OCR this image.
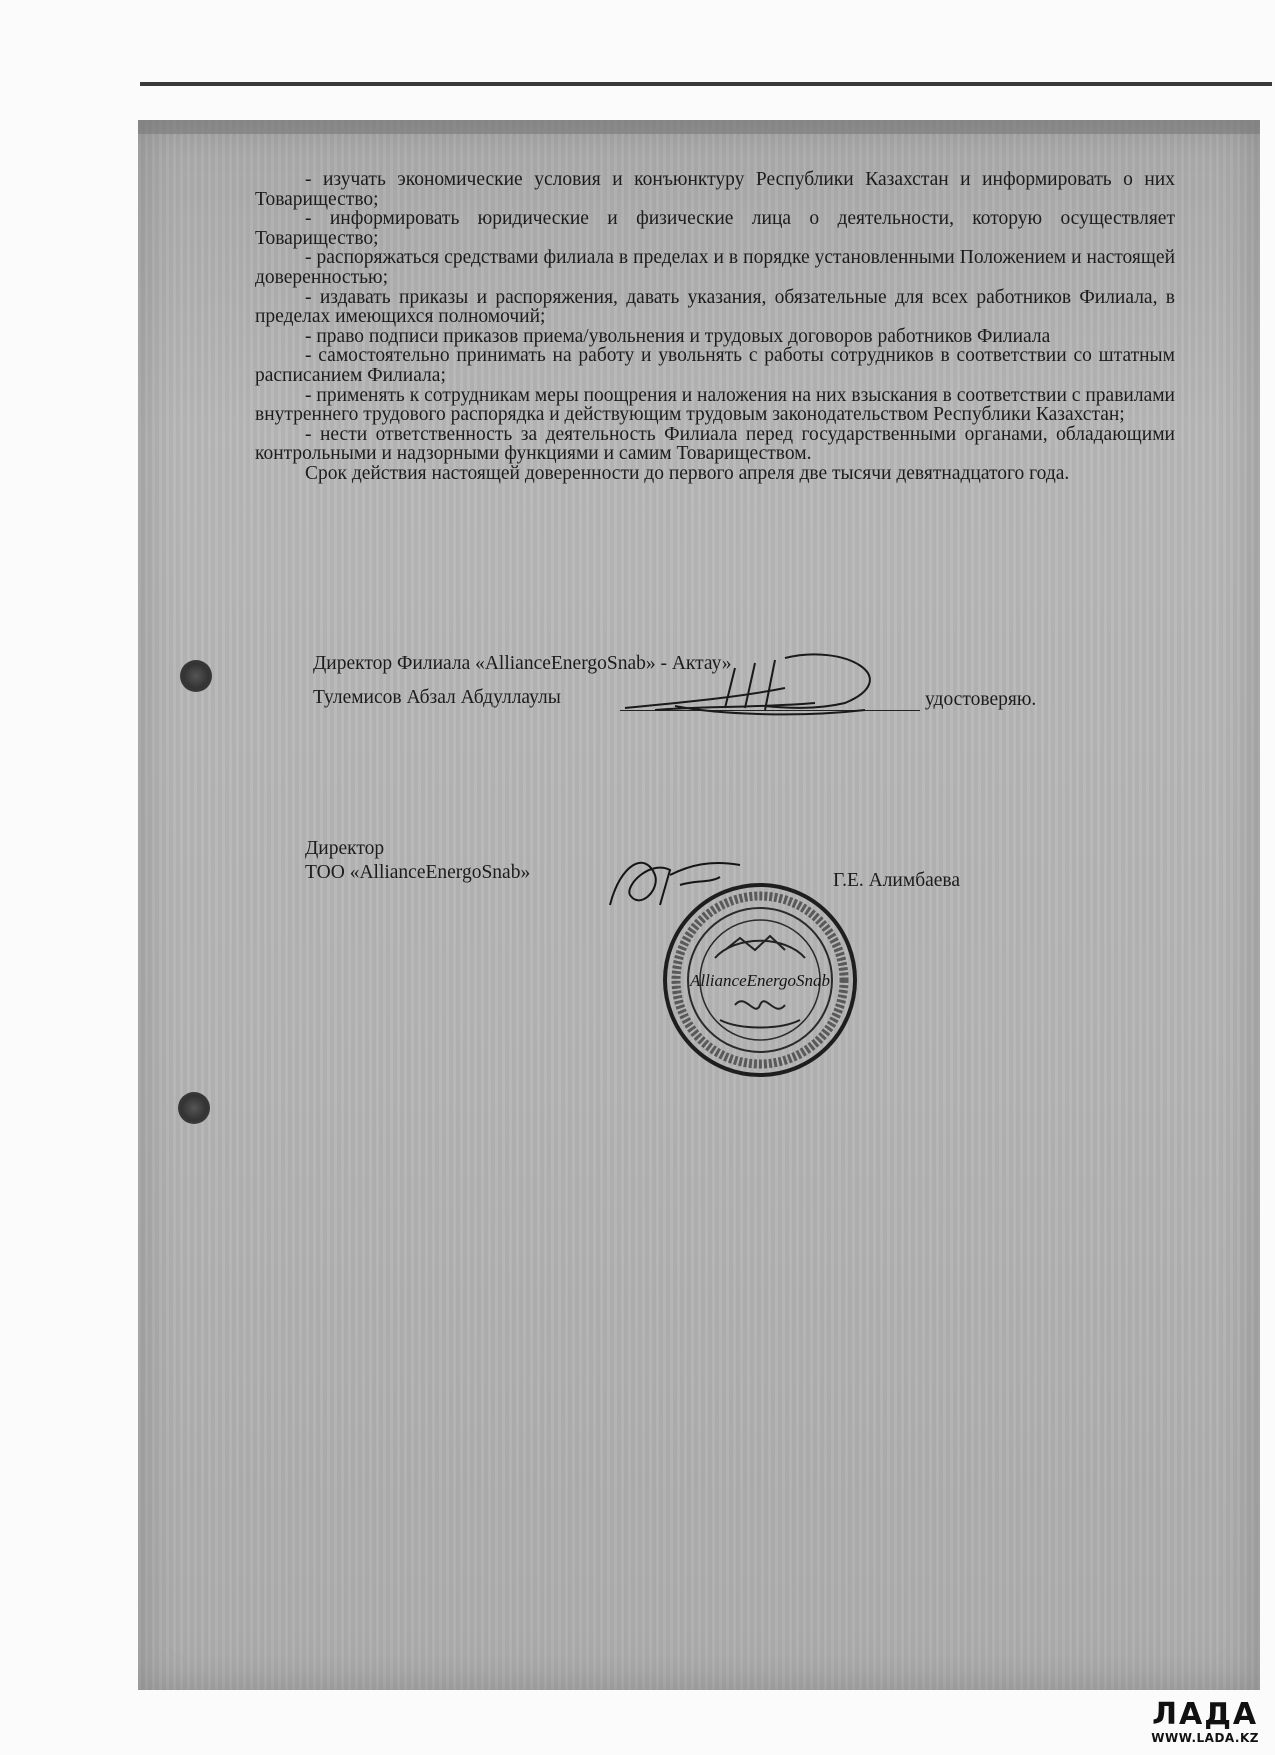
- изучать экономические условия и конъюнктуру Республики Казахстан и информировать о них Товарищество;

- информировать юридические и физические лица о деятельности, которую осуществляет Товарищество;

- распоряжаться средствами филиала в пределах и в порядке установленными Положением и настоящей доверенностью;

- издавать приказы и распоряжения, давать указания, обязательные для всех работников Филиала, в пределах имеющихся полномочий;

- право подписи приказов приема/увольнения и трудовых договоров работников Филиала

- самостоятельно принимать на работу и увольнять с работы сотрудников в соответствии со штатным расписанием Филиала;

- применять к сотрудникам меры поощрения и наложения на них взыскания в соответствии с правилами внутреннего трудового распорядка и действующим трудовым законодательством Республики Казахстан;

- нести ответственность за деятельность Филиала перед государственными органами, обладающими контрольными и надзорными функциями и самим Товариществом.

Срок действия настоящей доверенности до первого апреля две тысячи девятнадцатого года.

Директор Филиала «AllianceEnergoSnab» - Актау»
Тулемисов Абзал Абдуллаулы	удостоверяю.
Директор
ТОО «AllianceEnergoSnab»	Г.Е. Алимбаева
AllianceEnergoSnab
ЛАДА
WWW.LADA.KZ
